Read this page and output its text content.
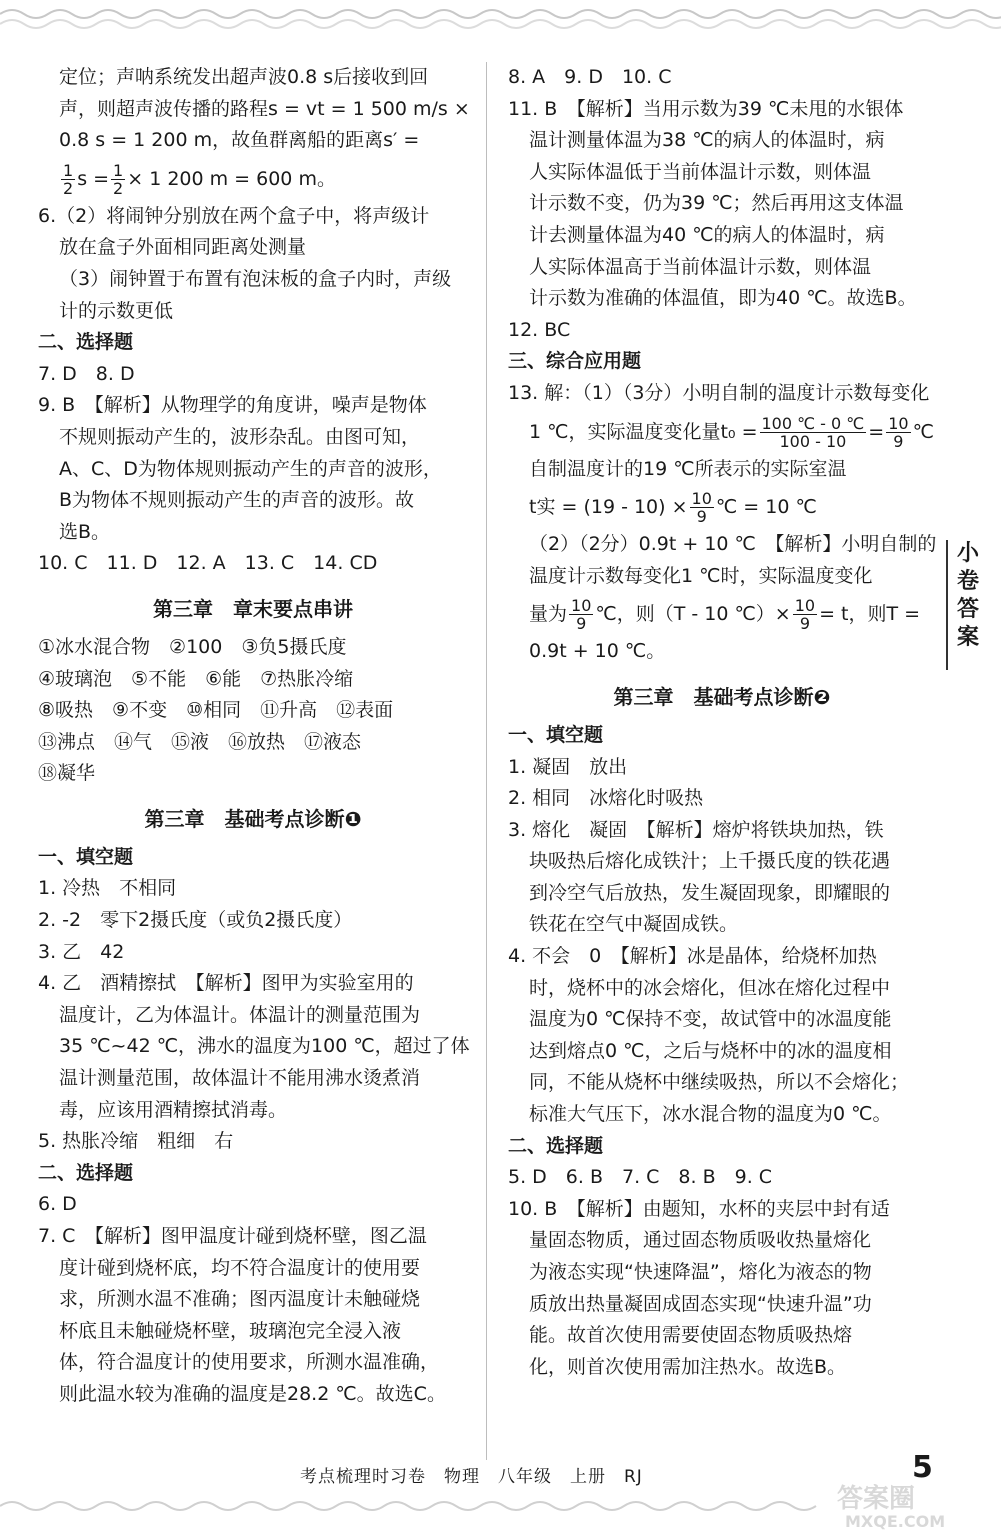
定位；声呐系统发出超声波0.8 s后接收到回
声，则超声波传播的路程s = vt = 1 500 m/s ×
0.8 s = 1 200 m，故鱼群离船的距离s′ =
$\frac{1}{2}$ $s = \frac{1}{2} \times 1$ 200 m = 600 m。
6.（2）将闹钟分别放在两个盒子中，将声级计
放在盒子外面相同距离处测量
（3）闹钟置于布置有泡沫板的盒子内时，声级
计的示数更低
二、选择题
7. D　8. D
9. B　【解析】从物理学的角度讲，噪声是物体
不规则振动产生的，波形杂乱。由图可知，
A、C、D为物体规则振动产生的声音的波形，
B为物体不规则振动产生的声音的波形。故
选B。
10. C　11. D　12. A　13. C　14. CD
第三章　章末要点串讲
①冰水混合物　②100　③负5摄氏度
④玻璃泡　⑤不能　⑥能　⑦热胀冷缩
⑧吸热　⑨不变　⑩相同　⑪升高　⑫表面
⑬沸点　⑭气　⑮液　⑯放热　⑰液态
⑱凝华
第三章　基础考点诊断❶
一、填空题
1. 冷热　不相同
2. -2　零下2摄氏度（或负2摄氏度）
3. 乙　42
4. 乙　酒精擦拭　【解析】图甲为实验室用的
温度计，乙为体温计。体温计的测量范围为
35 ℃~42 ℃，沸水的温度为100 ℃，超过了体
温计测量范围，故体温计不能用沸水烫煮消
毒，应该用酒精擦拭消毒。
5. 热胀冷缩　粗细　右
二、选择题
6. D
7. C　【解析】图甲温度计碰到烧杯壁，图乙温
度计碰到烧杯底，均不符合温度计的使用要
求，所测水温不准确；图丙温度计未触碰烧
杯底且未触碰烧杯壁，玻璃泡完全浸入液
体，符合温度计的使用要求，所测水温准确，
则此温水较为准确的温度是28.2 ℃。故选C。
8. A　9. D　10. C
11. B　【解析】当用示数为39 ℃未甩的水银体
温计测量体温为38 ℃的病人的体温时，病
人实际体温低于当前体温计示数，则体温
计示数不变，仍为39 ℃；然后再用这支体温
计去测量体温为40 ℃的病人的体温时，病
人实际体温高于当前体温计示数，则体温
计示数为准确的体温值，即为40 ℃。故选B。
12. BC
三、综合应用题
13. 解：（1）（3分）小明自制的温度计示数每变化
1 ℃，实际温度变化量$t_0 = \frac{100 ℃ - 0 ℃}{100 - 10} = \frac{10}{9}$ ℃
自制温度计的19 ℃所表示的实际室温
t实 = $(19 - 10) \times \frac{10}{9}$ ℃ = 10 ℃
（2）（2分）0.9t + 10 ℃　【解析】小明自制的
温度计示数每变化1 ℃时，实际温度变化
量为 $\frac{10}{9}$ ℃，则（T - 10 ℃）× $\frac{10}{9} = t$，则T =
0.9t + 10 ℃。
第三章　基础考点诊断❷
一、填空题
1. 凝固　放出
2. 相同　冰熔化时吸热
3. 熔化　凝固　【解析】熔炉将铁块加热，铁
块吸热后熔化成铁汁；上千摄氏度的铁花遇
到冷空气后放热，发生凝固现象，即耀眼的
铁花在空气中凝固成铁。
4. 不会　0　【解析】冰是晶体，给烧杯加热
时，烧杯中的冰会熔化，但冰在熔化过程中
温度为0 ℃保持不变，故试管中的冰温度能
达到熔点0 ℃，之后与烧杯中的冰的温度相
同，不能从烧杯中继续吸热，所以不会熔化；
标准大气压下，冰水混合物的温度为0 ℃。
二、选择题
5. D　6. B　7. C　8. B　9. C
10. B　【解析】由题知，水杯的夹层中封有适
量固态物质，通过固态物质吸收热量熔化
为液态实现“快速降温”，熔化为液态的物
质放出热量凝固成固态实现“快速升温”功
能。故首次使用需要使固态物质吸热熔
化，则首次使用需加注热水。故选B。
小
卷
答
案
考点梳理时习卷　物理　八年级　上册　RJ	5
答案圈
MXQE.COM
